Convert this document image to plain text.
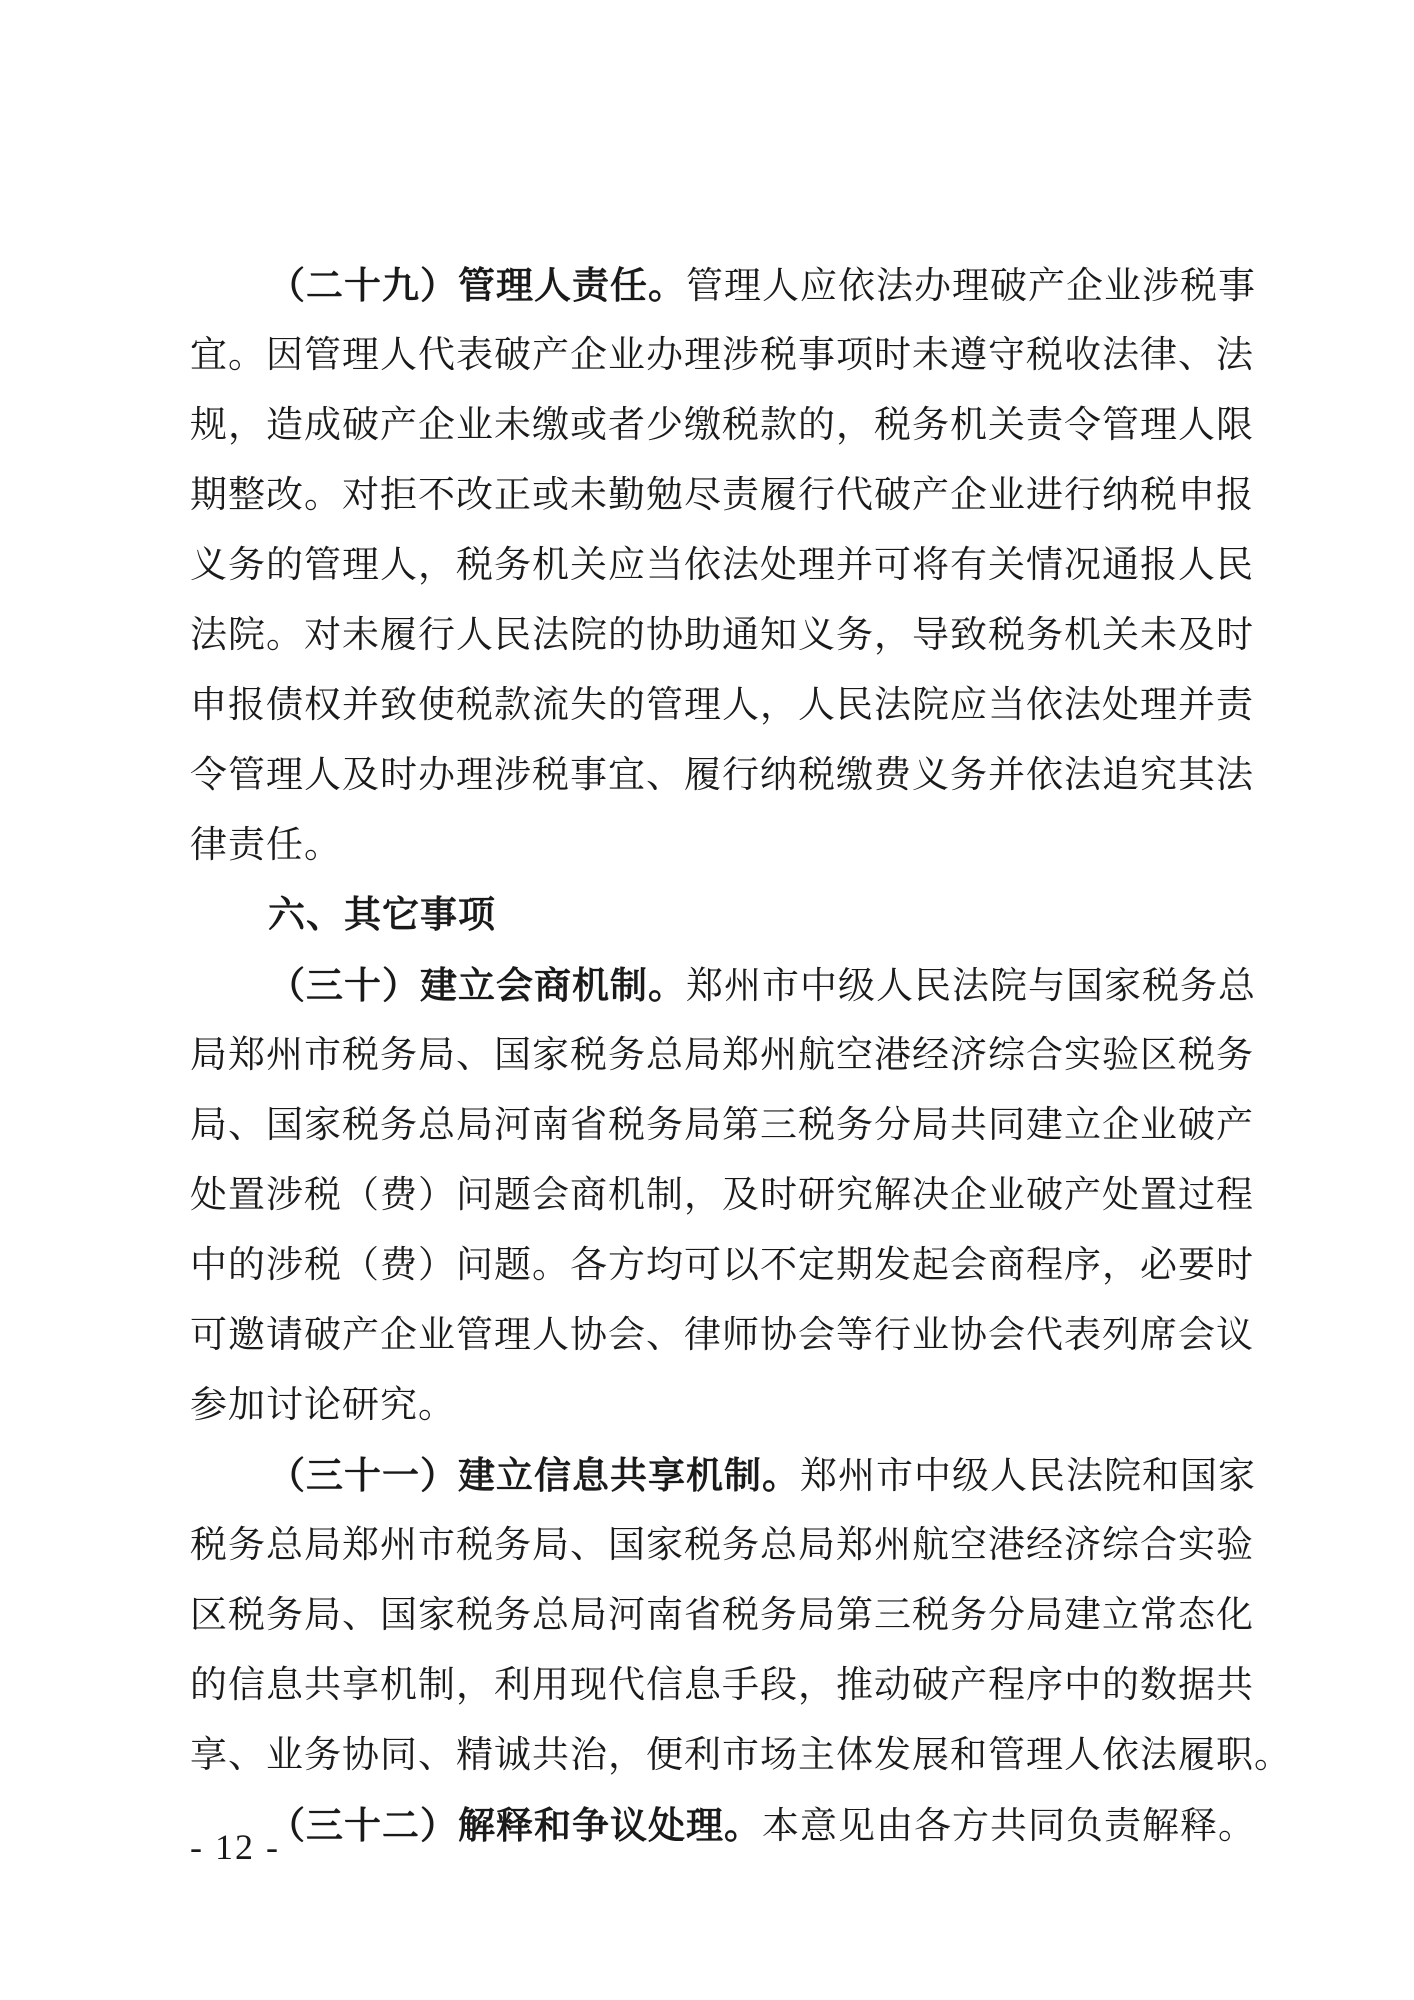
（二十九）管理人责任。管理人应依法办理破产企业涉税事
宜。因管理人代表破产企业办理涉税事项时未遵守税收法律、法
规，造成破产企业未缴或者少缴税款的，税务机关责令管理人限
期整改。对拒不改正或未勤勉尽责履行代破产企业进行纳税申报
义务的管理人，税务机关应当依法处理并可将有关情况通报人民
法院。对未履行人民法院的协助通知义务，导致税务机关未及时
申报债权并致使税款流失的管理人，人民法院应当依法处理并责
令管理人及时办理涉税事宜、履行纳税缴费义务并依法追究其法
律责任。
六、其它事项
（三十）建立会商机制。郑州市中级人民法院与国家税务总
局郑州市税务局、国家税务总局郑州航空港经济综合实验区税务
局、国家税务总局河南省税务局第三税务分局共同建立企业破产
处置涉税（费）问题会商机制，及时研究解决企业破产处置过程
中的涉税（费）问题。各方均可以不定期发起会商程序，必要时
可邀请破产企业管理人协会、律师协会等行业协会代表列席会议
参加讨论研究。
（三十一）建立信息共享机制。郑州市中级人民法院和国家
税务总局郑州市税务局、国家税务总局郑州航空港经济综合实验
区税务局、国家税务总局河南省税务局第三税务分局建立常态化
的信息共享机制，利用现代信息手段，推动破产程序中的数据共
享、业务协同、精诚共治，便利市场主体发展和管理人依法履职。
（三十二）解释和争议处理。本意见由各方共同负责解释。
- 12 -
